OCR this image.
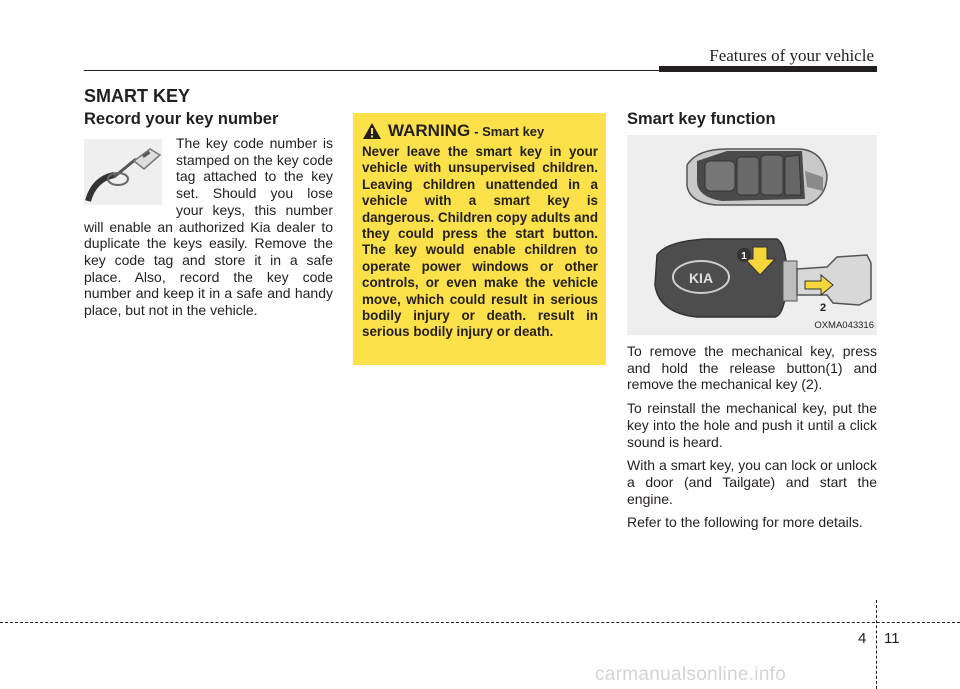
Features of your vehicle
SMART KEY
Record your key number

The key code number is stamped on the key code tag attached to the key set. Should you lose your keys, this number will enable an authorized Kia dealer to duplicate the keys easily. Remove the key code tag and store it in a safe place. Also, record the key code number and keep it in a safe and handy place, but not in the vehicle.

WARNING - Smart key

Never leave the smart key in your vehicle with unsupervised children. Leaving children unattended in a vehicle with a smart key is dangerous. Children copy adults and they could press the start button. The key would enable children to operate power windows or other controls, or even make the vehicle move, which could result in serious bodily injury or death. result in serious bodily injury or death.

Smart key function
KIA
1
2
OXMA043316

To remove the mechanical key, press and hold the release button(1) and remove the mechanical key (2).

To reinstall the mechanical key, put the key into the hole and push it until a click sound is heard.

With a smart key, you can lock or unlock a door (and Tailgate) and start the engine.

Refer to the following for more details.

4 11
carmanualsonline.info
